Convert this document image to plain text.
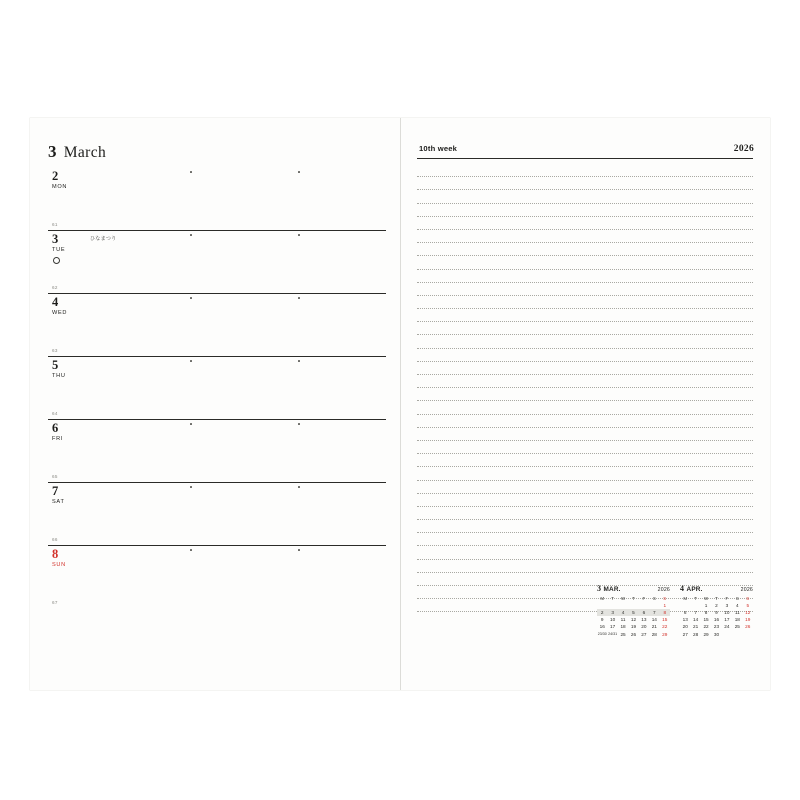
3 March
2
MON
61
3
TUE
ひなまつり
62
4
WED
63
5
THU
64
6
FRI
65
7
SAT
66
8
SUN
67
10th week	2026
3 MAR.	2026
M	T	W	T	F	S	S
						1
2	3	4	5	6	7	8
9	10	11	12	13	14	15
16	17	18	19	20	21	22
23/30	24/31	25	26	27	28	29
4 APR.	2026
M	T	W	T	F	S	S
		1	2	3	4	5
6	7	8	9	10	11	12
13	14	15	16	17	18	19
20	21	22	23	24	25	26
27	28	29	30			
